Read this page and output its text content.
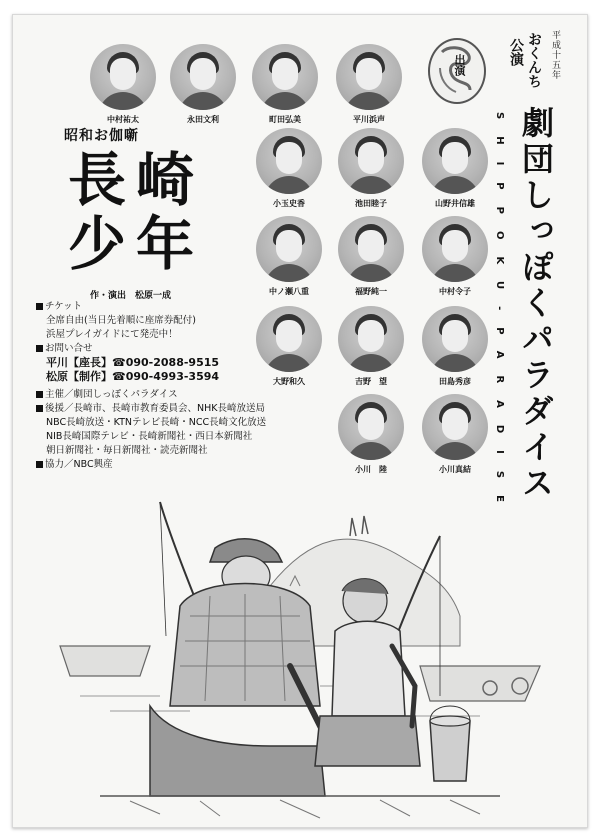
平成十五年
おくんち
公演
出演
劇団しっぽくパラダイス
SHIPPOKU-PARADISE
昭和お伽噺
長崎
少年
作・演出　松原一成
中村祐太	永田文利	町田弘美	平川浜声
小玉史香	池田睦子	山野井信雄
中ノ瀬八重	福野純一	中村令子
大野和久	吉野　望	田島秀彦
小川　陸	小川真結
チケット
全席自由(当日先着順に座席券配付)
浜屋プレイガイドにて発売中！
お問い合せ
平川【座長】☎090-2088-9515
松原【制作】☎090-4993-3594
主催／劇団しっぽくパラダイス
後援／長崎市、長崎市教育委員会、NHK長崎放送局
NBC長崎放送・KTNテレビ長崎・NCC長崎文化放送
NIB長崎国際テレビ・長崎新聞社・西日本新聞社
朝日新聞社・毎日新聞社・読売新聞社
協力／NBC興産
